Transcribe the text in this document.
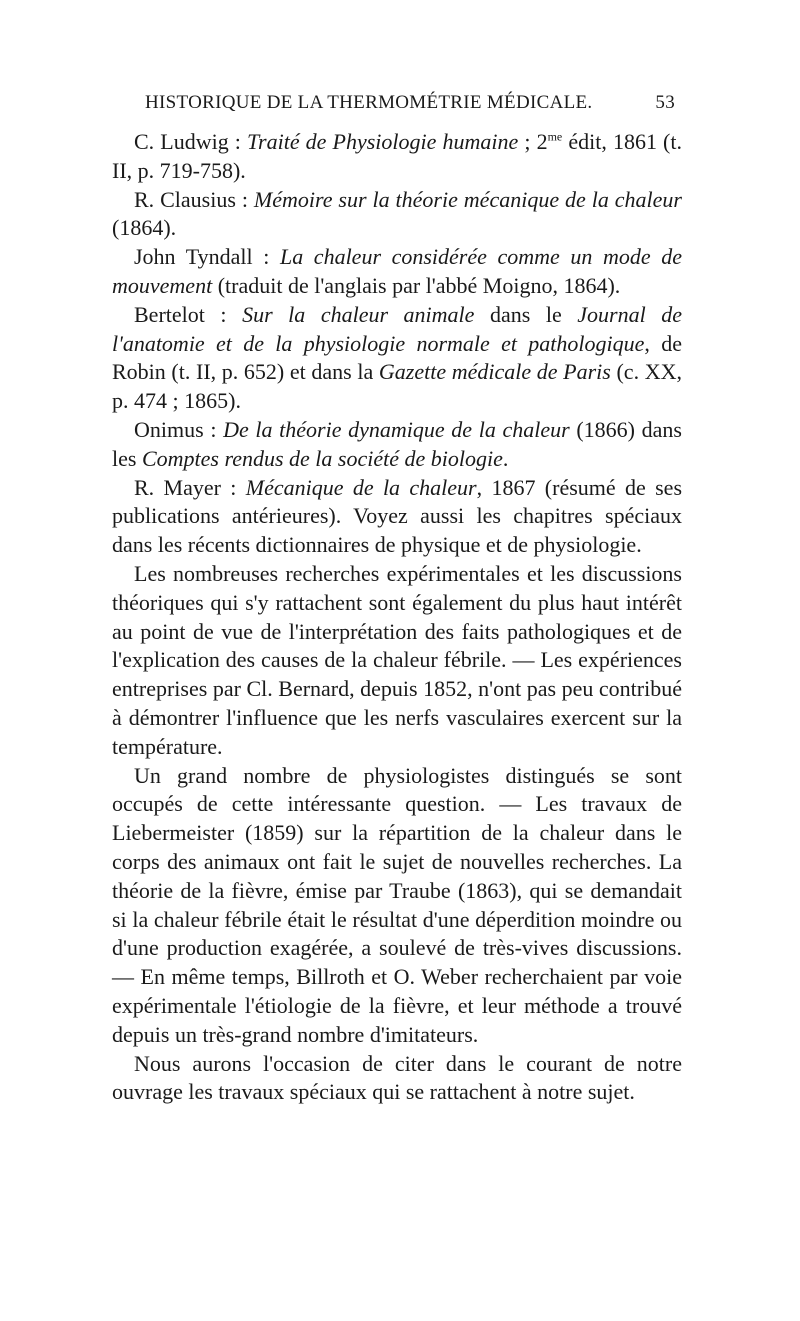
HISTORIQUE DE LA THERMOMÉTRIE MÉDICALE.	53

C. Ludwig : Traité de Physiologie humaine ; $2^{me}$ édit, 1861 (t. II, p. 719-758).

R. Clausius : Mémoire sur la théorie mécanique de la chaleur (1864).

John Tyndall : La chaleur considérée comme un mode de mouvement (traduit de l'anglais par l'abbé Moigno, 1864).

Bertelot : Sur la chaleur animale dans le Journal de l'anatomie et de la physiologie normale et pathologique, de Robin (t. II, p. 652) et dans la Gazette médicale de Paris (c. XX, p. 474 ; 1865).

Onimus : De la théorie dynamique de la chaleur (1866) dans les Comptes rendus de la société de biologie.

R. Mayer : Mécanique de la chaleur, 1867 (résumé de ses publications antérieures). Voyez aussi les chapitres spéciaux dans les récents dictionnaires de physique et de physiologie.

Les nombreuses recherches expérimentales et les discussions théoriques qui s'y rattachent sont également du plus haut intérêt au point de vue de l'interprétation des faits pathologiques et de l'explication des causes de la chaleur fébrile. — Les expériences entreprises par Cl. Bernard, depuis 1852, n'ont pas peu contribué à démontrer l'influence que les nerfs vasculaires exercent sur la température.

Un grand nombre de physiologistes distingués se sont occupés de cette intéressante question. — Les travaux de Liebermeister (1859) sur la répartition de la chaleur dans le corps des animaux ont fait le sujet de nouvelles recherches. La théorie de la fièvre, émise par Traube (1863), qui se demandait si la chaleur fébrile était le résultat d'une déperdition moindre ou d'une production exagérée, a soulevé de très-vives discussions. — En même temps, Billroth et O. Weber recherchaient par voie expérimentale l'étiologie de la fièvre, et leur méthode a trouvé depuis un très-grand nombre d'imitateurs.

Nous aurons l'occasion de citer dans le courant de notre ouvrage les travaux spéciaux qui se rattachent à notre sujet.
